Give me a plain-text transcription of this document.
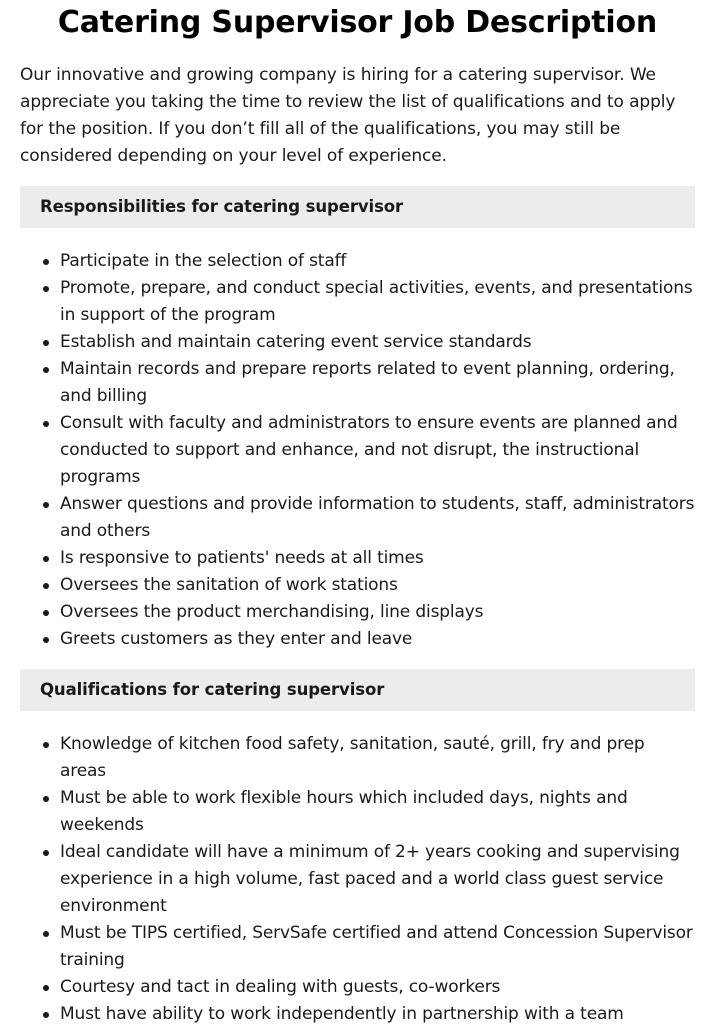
Catering Supervisor Job Description

Our innovative and growing company is hiring for a catering supervisor. We appreciate you taking the time to review the list of qualifications and to apply for the position. If you don’t fill all of the qualifications, you may still be considered depending on your level of experience.

Responsibilities for catering supervisor
Participate in the selection of staff
Promote, prepare, and conduct special activities, events, and presentations in support of the program
Establish and maintain catering event service standards
Maintain records and prepare reports related to event planning, ordering, and billing
Consult with faculty and administrators to ensure events are planned and conducted to support and enhance, and not disrupt, the instructional programs
Answer questions and provide information to students, staff, administrators and others
Is responsive to patients' needs at all times
Oversees the sanitation of work stations
Oversees the product merchandising, line displays
Greets customers as they enter and leave
Qualifications for catering supervisor
Knowledge of kitchen food safety, sanitation, sauté, grill, fry and prep areas
Must be able to work flexible hours which included days, nights and weekends
Ideal candidate will have a minimum of 2+ years cooking and supervising experience in a high volume, fast paced and a world class guest service environment
Must be TIPS certified, ServSafe certified and attend Concession Supervisor training
Courtesy and tact in dealing with guests, co-workers
Must have ability to work independently in partnership with a team
